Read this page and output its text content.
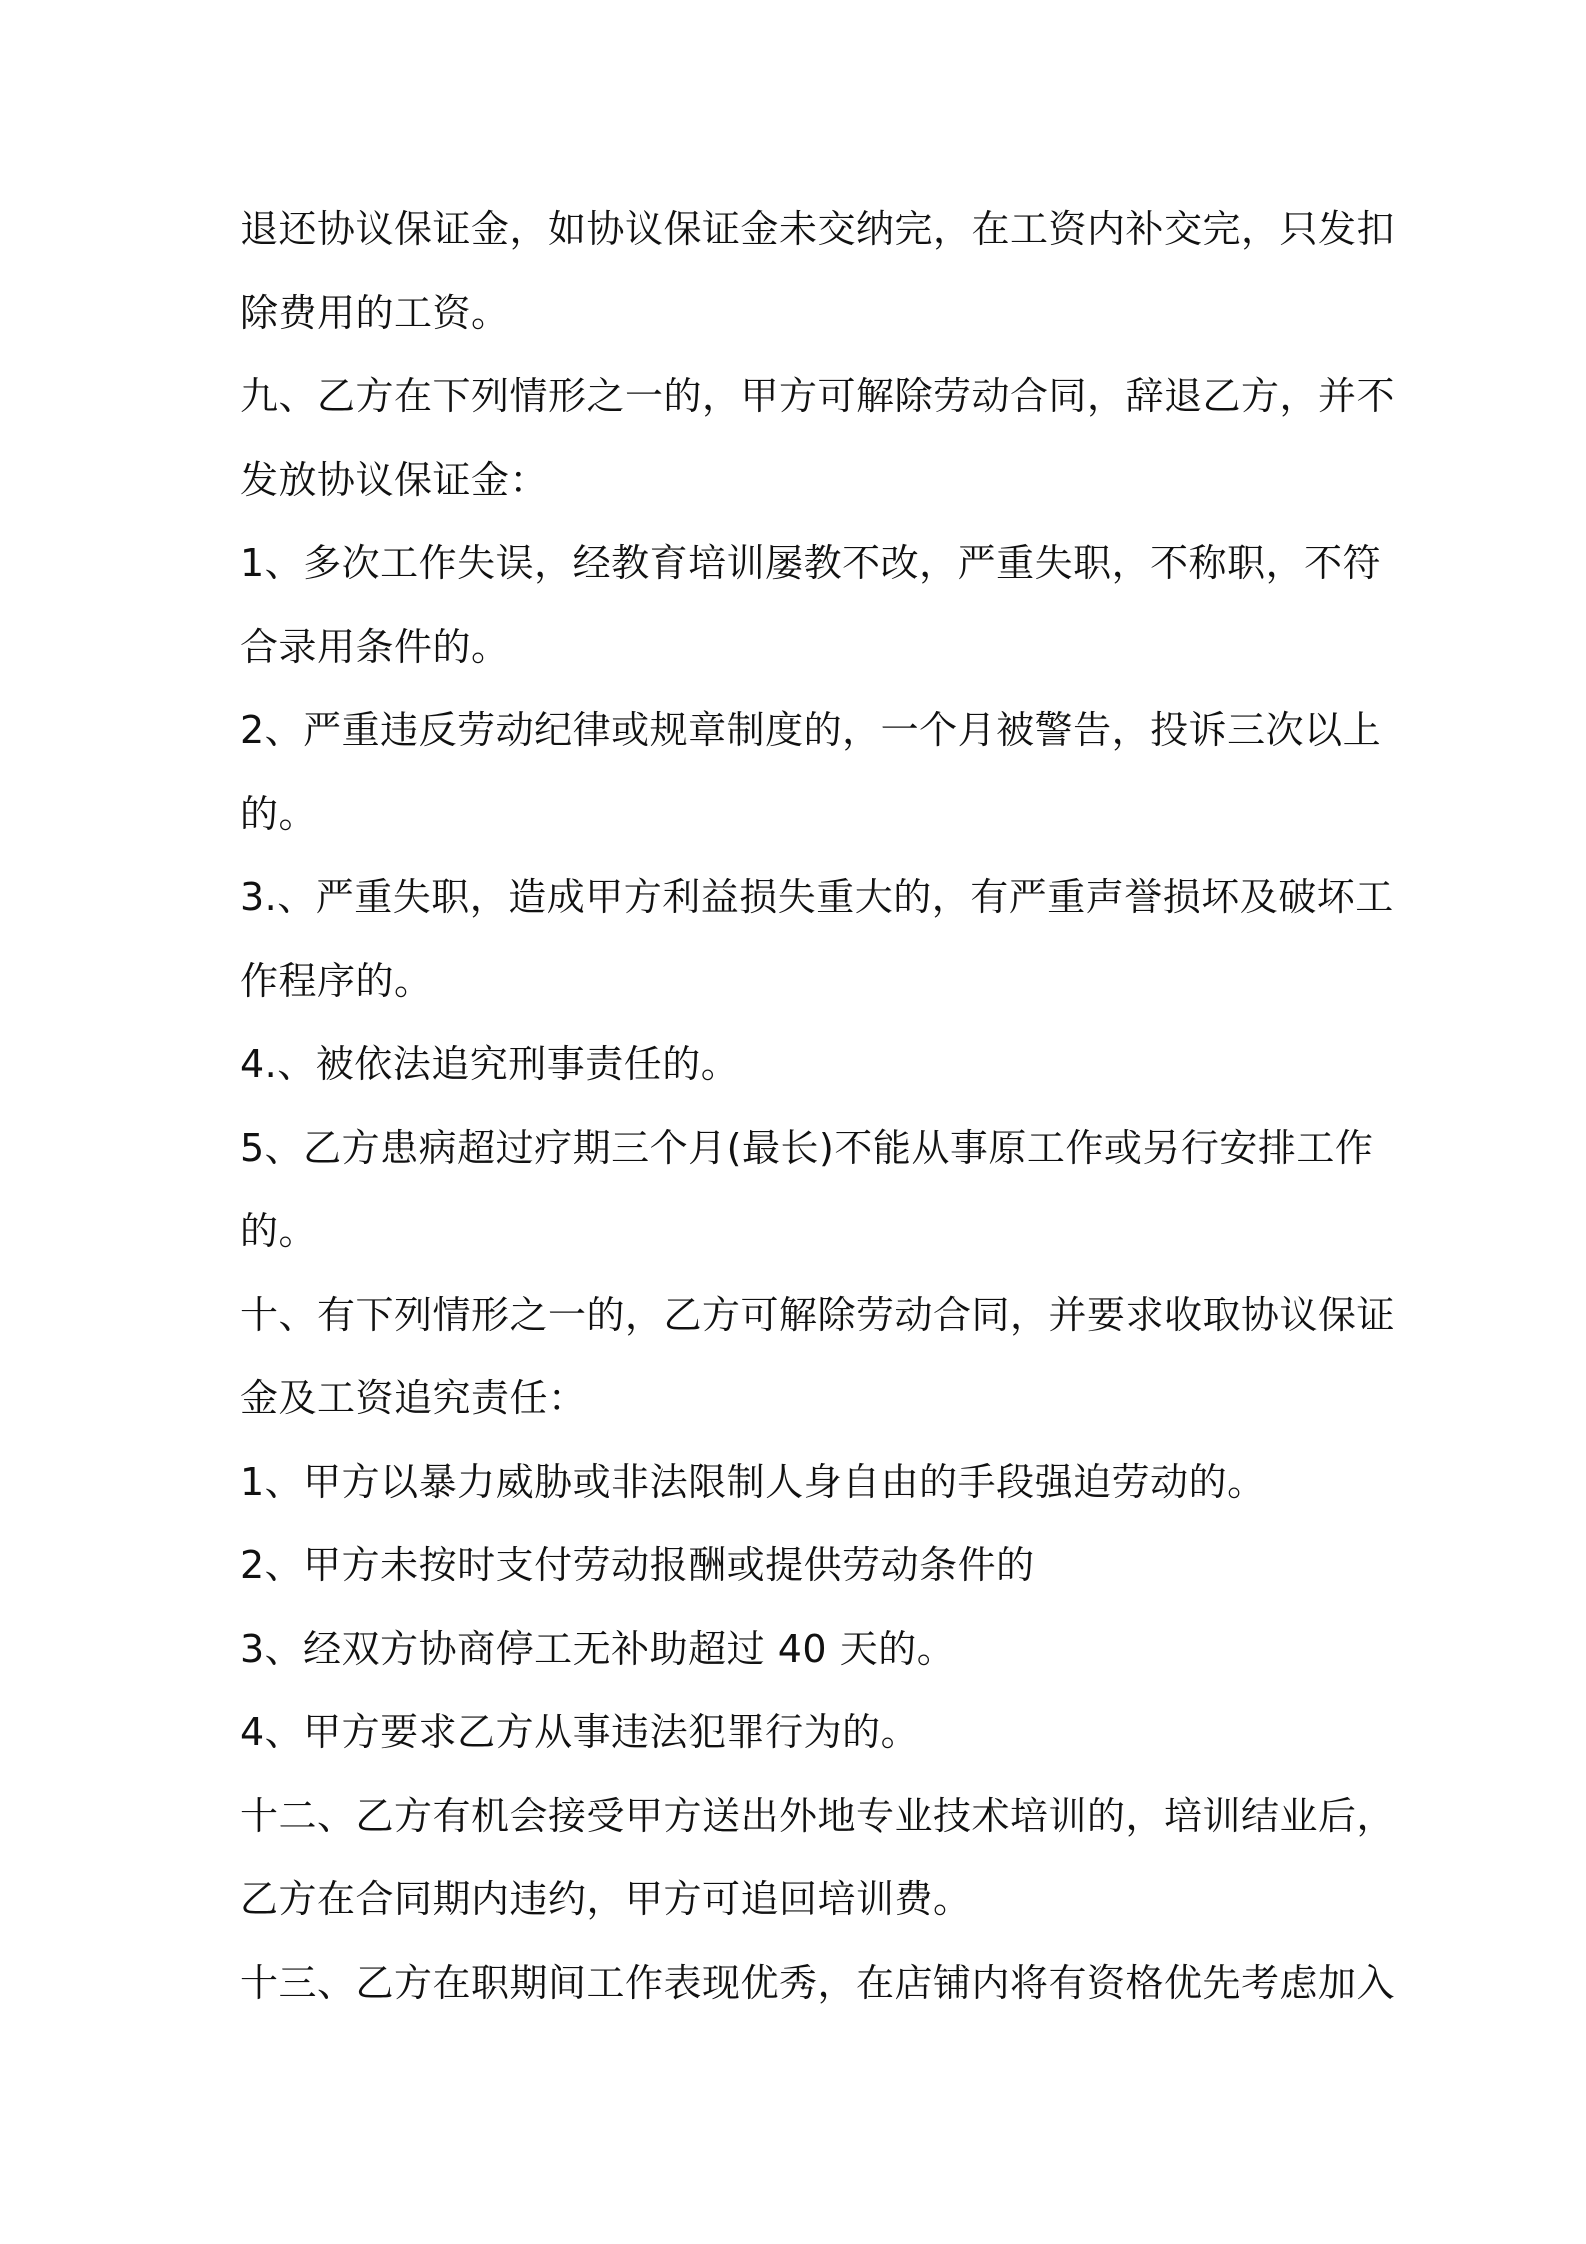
退还协议保证金，如协议保证金未交纳完，在工资内补交完，只发扣
除费用的工资。
九、乙方在下列情形之一的，甲方可解除劳动合同，辞退乙方，并不
发放协议保证金：
1、多次工作失误，经教育培训屡教不改，严重失职，不称职，不符
合录用条件的。
2、严重违反劳动纪律或规章制度的，一个月被警告，投诉三次以上
的。
3.、严重失职，造成甲方利益损失重大的，有严重声誉损坏及破坏工
作程序的。
4.、被依法追究刑事责任的。
5、乙方患病超过疗期三个月(最长)不能从事原工作或另行安排工作
的。
十、有下列情形之一的，乙方可解除劳动合同，并要求收取协议保证
金及工资追究责任：
1、甲方以暴力威胁或非法限制人身自由的手段强迫劳动的。
2、甲方未按时支付劳动报酬或提供劳动条件的
3、经双方协商停工无补助超过 40 天的。
4、甲方要求乙方从事违法犯罪行为的。
十二、乙方有机会接受甲方送出外地专业技术培训的，培训结业后，
乙方在合同期内违约，甲方可追回培训费。
十三、乙方在职期间工作表现优秀，在店铺内将有资格优先考虑加入
